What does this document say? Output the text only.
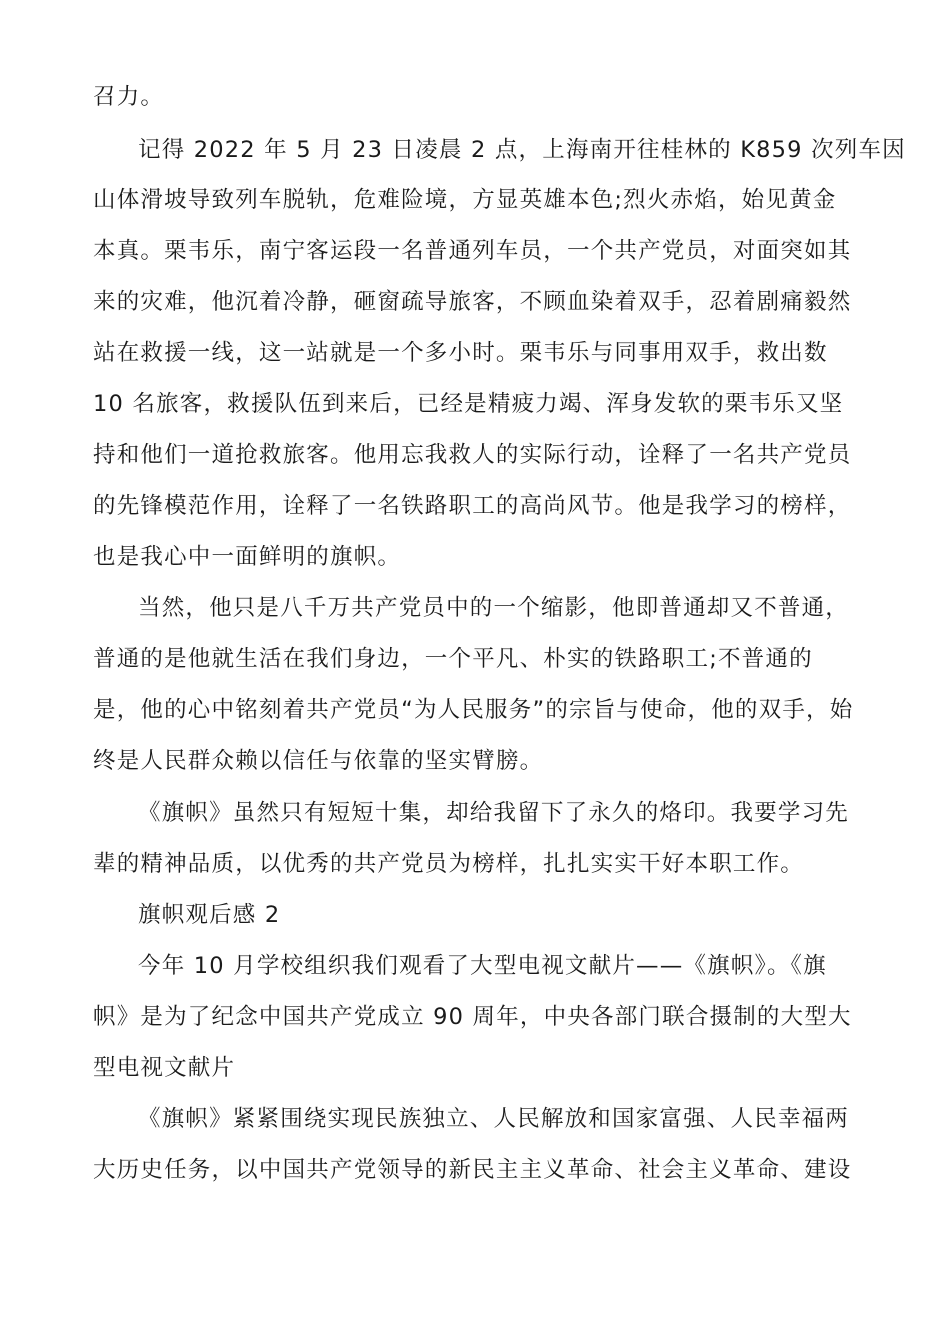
召力。
记得 2022 年 5 月 23 日凌晨 2 点，上海南开往桂林的 K859 次列车因
山体滑坡导致列车脱轨，危难险境，方显英雄本色;烈火赤焰，始见黄金
本真。栗韦乐，南宁客运段一名普通列车员，一个共产党员，对面突如其
来的灾难，他沉着冷静，砸窗疏导旅客，不顾血染着双手，忍着剧痛毅然
站在救援一线，这一站就是一个多小时。栗韦乐与同事用双手，救出数
10 名旅客，救援队伍到来后，已经是精疲力竭、浑身发软的栗韦乐又坚
持和他们一道抢救旅客。他用忘我救人的实际行动，诠释了一名共产党员
的先锋模范作用，诠释了一名铁路职工的高尚风节。他是我学习的榜样，
也是我心中一面鲜明的旗帜。
当然，他只是八千万共产党员中的一个缩影，他即普通却又不普通，
普通的是他就生活在我们身边，一个平凡、朴实的铁路职工;不普通的
是，他的心中铭刻着共产党员“为人民服务”的宗旨与使命，他的双手，始
终是人民群众赖以信任与依靠的坚实臂膀。
《旗帜》虽然只有短短十集，却给我留下了永久的烙印。我要学习先
辈的精神品质，以优秀的共产党员为榜样，扎扎实实干好本职工作。
旗帜观后感 2
今年 10 月学校组织我们观看了大型电视文献片——《旗帜》。《旗
帜》是为了纪念中国共产党成立 90 周年，中央各部门联合摄制的大型大
型电视文献片
《旗帜》紧紧围绕实现民族独立、人民解放和国家富强、人民幸福两
大历史任务，以中国共产党领导的新民主主义革命、社会主义革命、建设
